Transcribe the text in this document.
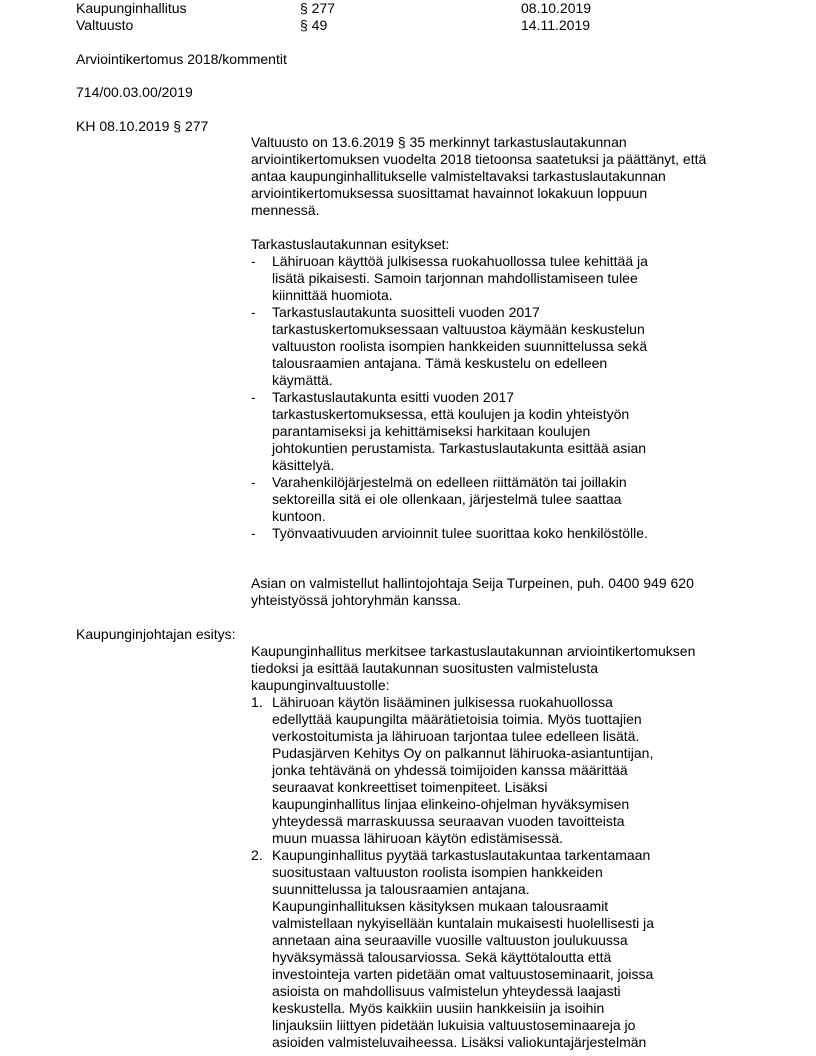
Kaupunginhallitus	§ 277	08.10.2019
Valtuusto	§ 49	14.11.2019
Arviointikertomus 2018/kommentit
714/00.03.00/2019
KH 08.10.2019 § 277
Valtuusto on 13.6.2019 § 35 merkinnyt tarkastuslautakunnan
arviointikertomuksen vuodelta 2018 tietoonsa saatetuksi ja päättänyt, että
antaa kaupunginhallitukselle valmisteltavaksi tarkastuslautakunnan
arviointikertomuksessa suosittamat havainnot lokakuun loppuun
mennessä.
Tarkastuslautakunnan esitykset:
- Lähiruoan käyttöä julkisessa ruokahuollossa tulee kehittää ja
lisätä pikaisesti. Samoin tarjonnan mahdollistamiseen tulee
kiinnittää huomiota.
- Tarkastuslautakunta suositteli vuoden 2017
tarkastuskertomuksessaan valtuustoa käymään keskustelun
valtuuston roolista isompien hankkeiden suunnittelussa sekä
talousraamien antajana. Tämä keskustelu on edelleen
käymättä.
- Tarkastuslautakunta esitti vuoden 2017
tarkastuskertomuksessa, että koulujen ja kodin yhteistyön
parantamiseksi ja kehittämiseksi harkitaan koulujen
johtokuntien perustamista. Tarkastuslautakunta esittää asian
käsittelyä.
- Varahenkilöjärjestelmä on edelleen riittämätön tai joillakin
sektoreilla sitä ei ole ollenkaan, järjestelmä tulee saattaa
kuntoon.
- Työnvaativuuden arvioinnit tulee suorittaa koko henkilöstölle.
Asian on valmistellut hallintojohtaja Seija Turpeinen, puh. 0400 949 620
yhteistyössä johtoryhmän kanssa.
Kaupunginjohtajan esitys:
Kaupunginhallitus merkitsee tarkastuslautakunnan arviointikertomuksen
tiedoksi ja esittää lautakunnan suositusten valmistelusta
kaupunginvaltuustolle:
1. Lähiruoan käytön lisääminen julkisessa ruokahuollossa
edellyttää kaupungilta määrätietoisia toimia. Myös tuottajien
verkostoitumista ja lähiruoan tarjontaa tulee edelleen lisätä.
Pudasjärven Kehitys Oy on palkannut lähiruoka-asiantuntijan,
jonka tehtävänä on yhdessä toimijoiden kanssa määrittää
seuraavat konkreettiset toimenpiteet. Lisäksi
kaupunginhallitus linjaa elinkeino-ohjelman hyväksymisen
yhteydessä marraskuussa seuraavan vuoden tavoitteista
muun muassa lähiruoan käytön edistämisessä.
2. Kaupunginhallitus pyytää tarkastuslautakuntaa tarkentamaan
suositustaan valtuuston roolista isompien hankkeiden
suunnittelussa ja talousraamien antajana.
Kaupunginhallituksen käsityksen mukaan talousraamit
valmistellaan nykyisellään kuntalain mukaisesti huolellisesti ja
annetaan aina seuraaville vuosille valtuuston joulukuussa
hyväksymässä talousarviossa. Sekä käyttötaloutta että
investointeja varten pidetään omat valtuustoseminaarit, joissa
asioista on mahdollisuus valmistelun yhteydessä laajasti
keskustella. Myös kaikkiin uusiin hankkeisiin ja isoihin
linjauksiin liittyen pidetään lukuisia valtuustoseminaareja jo
asioiden valmisteluvaiheessa. Lisäksi valiokuntajärjestelmän
